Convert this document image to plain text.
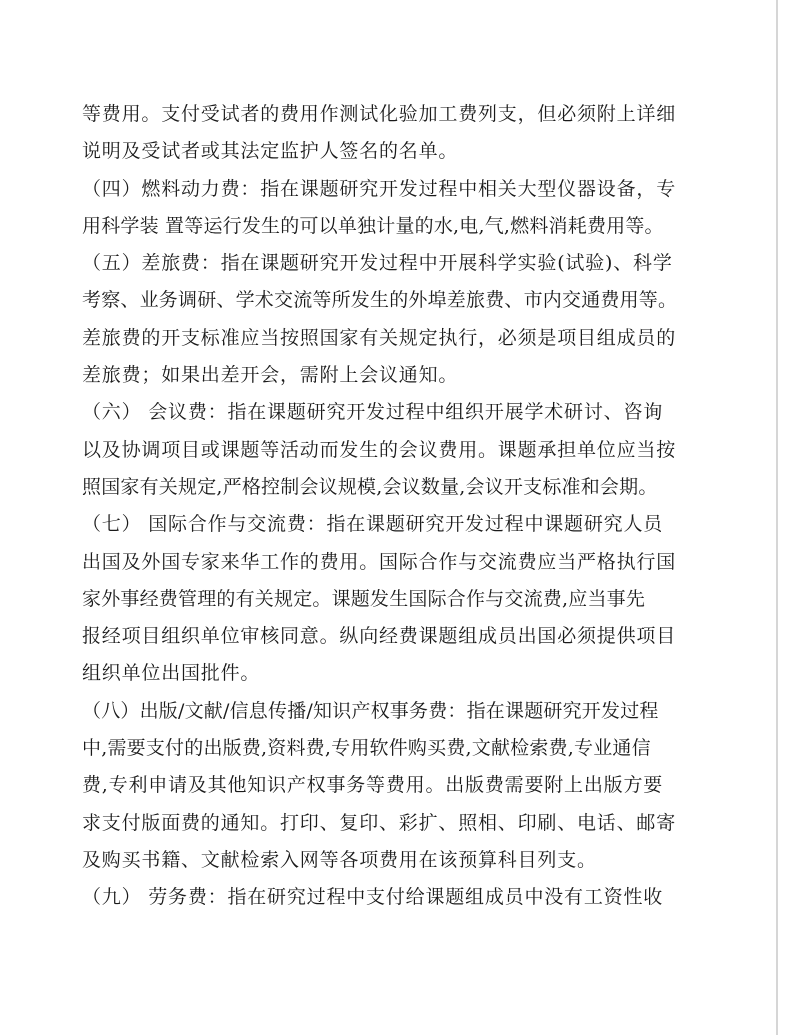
等费用。支付受试者的费用作测试化验加工费列支，但必须附上详细
说明及受试者或其法定监护人签名的名单。
（四）燃料动力费：指在课题研究开发过程中相关大型仪器设备，专
用科学装 置等运行发生的可以单独计量的水,电,气,燃料消耗费用等。
（五）差旅费：指在课题研究开发过程中开展科学实验(试验)、科学
考察、业务调研、学术交流等所发生的外埠差旅费、市内交通费用等。
差旅费的开支标准应当按照国家有关规定执行，必须是项目组成员的
差旅费；如果出差开会，需附上会议通知。
（六） 会议费：指在课题研究开发过程中组织开展学术研讨、咨询
以及协调项目或课题等活动而发生的会议费用。课题承担单位应当按
照国家有关规定,严格控制会议规模,会议数量,会议开支标准和会期。
（七） 国际合作与交流费：指在课题研究开发过程中课题研究人员
出国及外国专家来华工作的费用。国际合作与交流费应当严格执行国
家外事经费管理的有关规定。课题发生国际合作与交流费,应当事先
报经项目组织单位审核同意。纵向经费课题组成员出国必须提供项目
组织单位出国批件。
（八）出版/文献/信息传播/知识产权事务费：指在课题研究开发过程
中,需要支付的出版费,资料费,专用软件购买费,文献检索费,专业通信
费,专利申请及其他知识产权事务等费用。出版费需要附上出版方要
求支付版面费的通知。打印、复印、彩扩、照相、印刷、电话、邮寄
及购买书籍、文献检索入网等各项费用在该预算科目列支。
（九） 劳务费：指在研究过程中支付给课题组成员中没有工资性收
